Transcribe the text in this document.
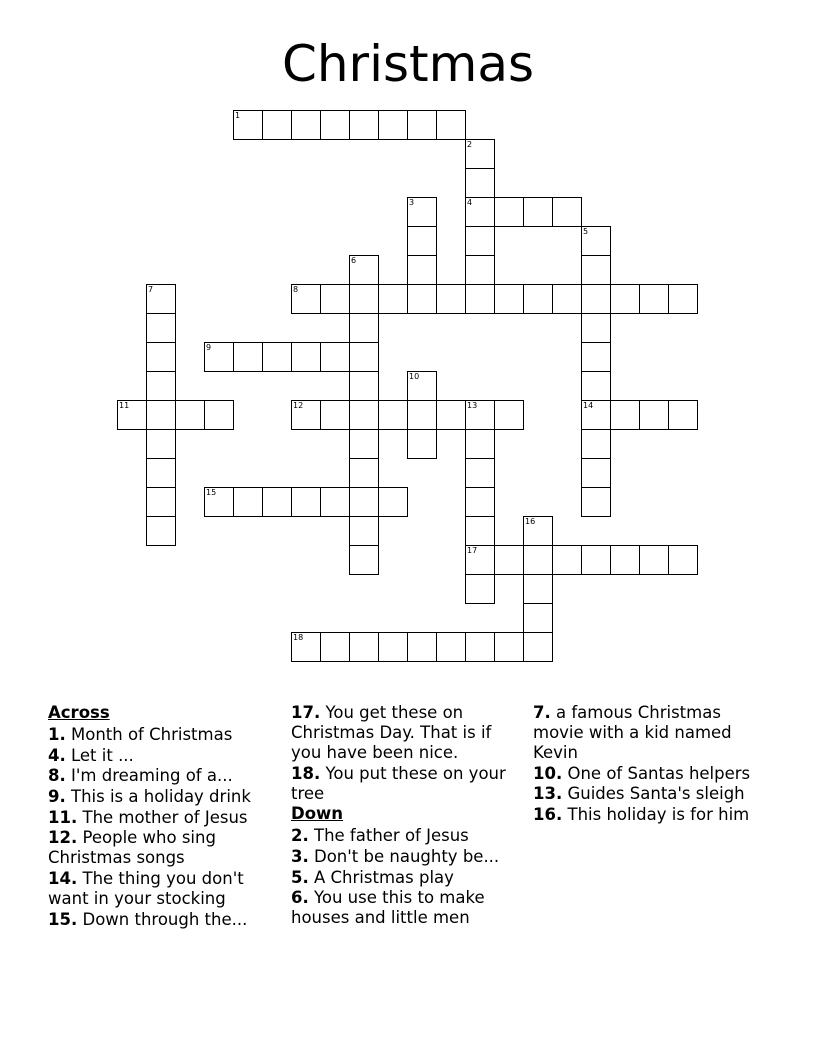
Christmas
1
2
4
3
5
14
6
7	8
9
10
11	12	13
17
15
16
18
Across
1. Month of Christmas
4. Let it ...
8. I'm dreaming of a...
9. This is a holiday drink
11. The mother of Jesus
12. People who sing Christmas songs
14. The thing you don't want in your stocking
15. Down through the...
17. You get these on Christmas Day. That is if you have been nice.
18. You put these on your tree
Down
2. The father of Jesus
3. Don't be naughty be...
5. A Christmas play
6. You use this to make houses and little men
7. a famous Christmas movie with a kid named Kevin
10. One of Santas helpers
13. Guides Santa's sleigh
16. This holiday is for him
